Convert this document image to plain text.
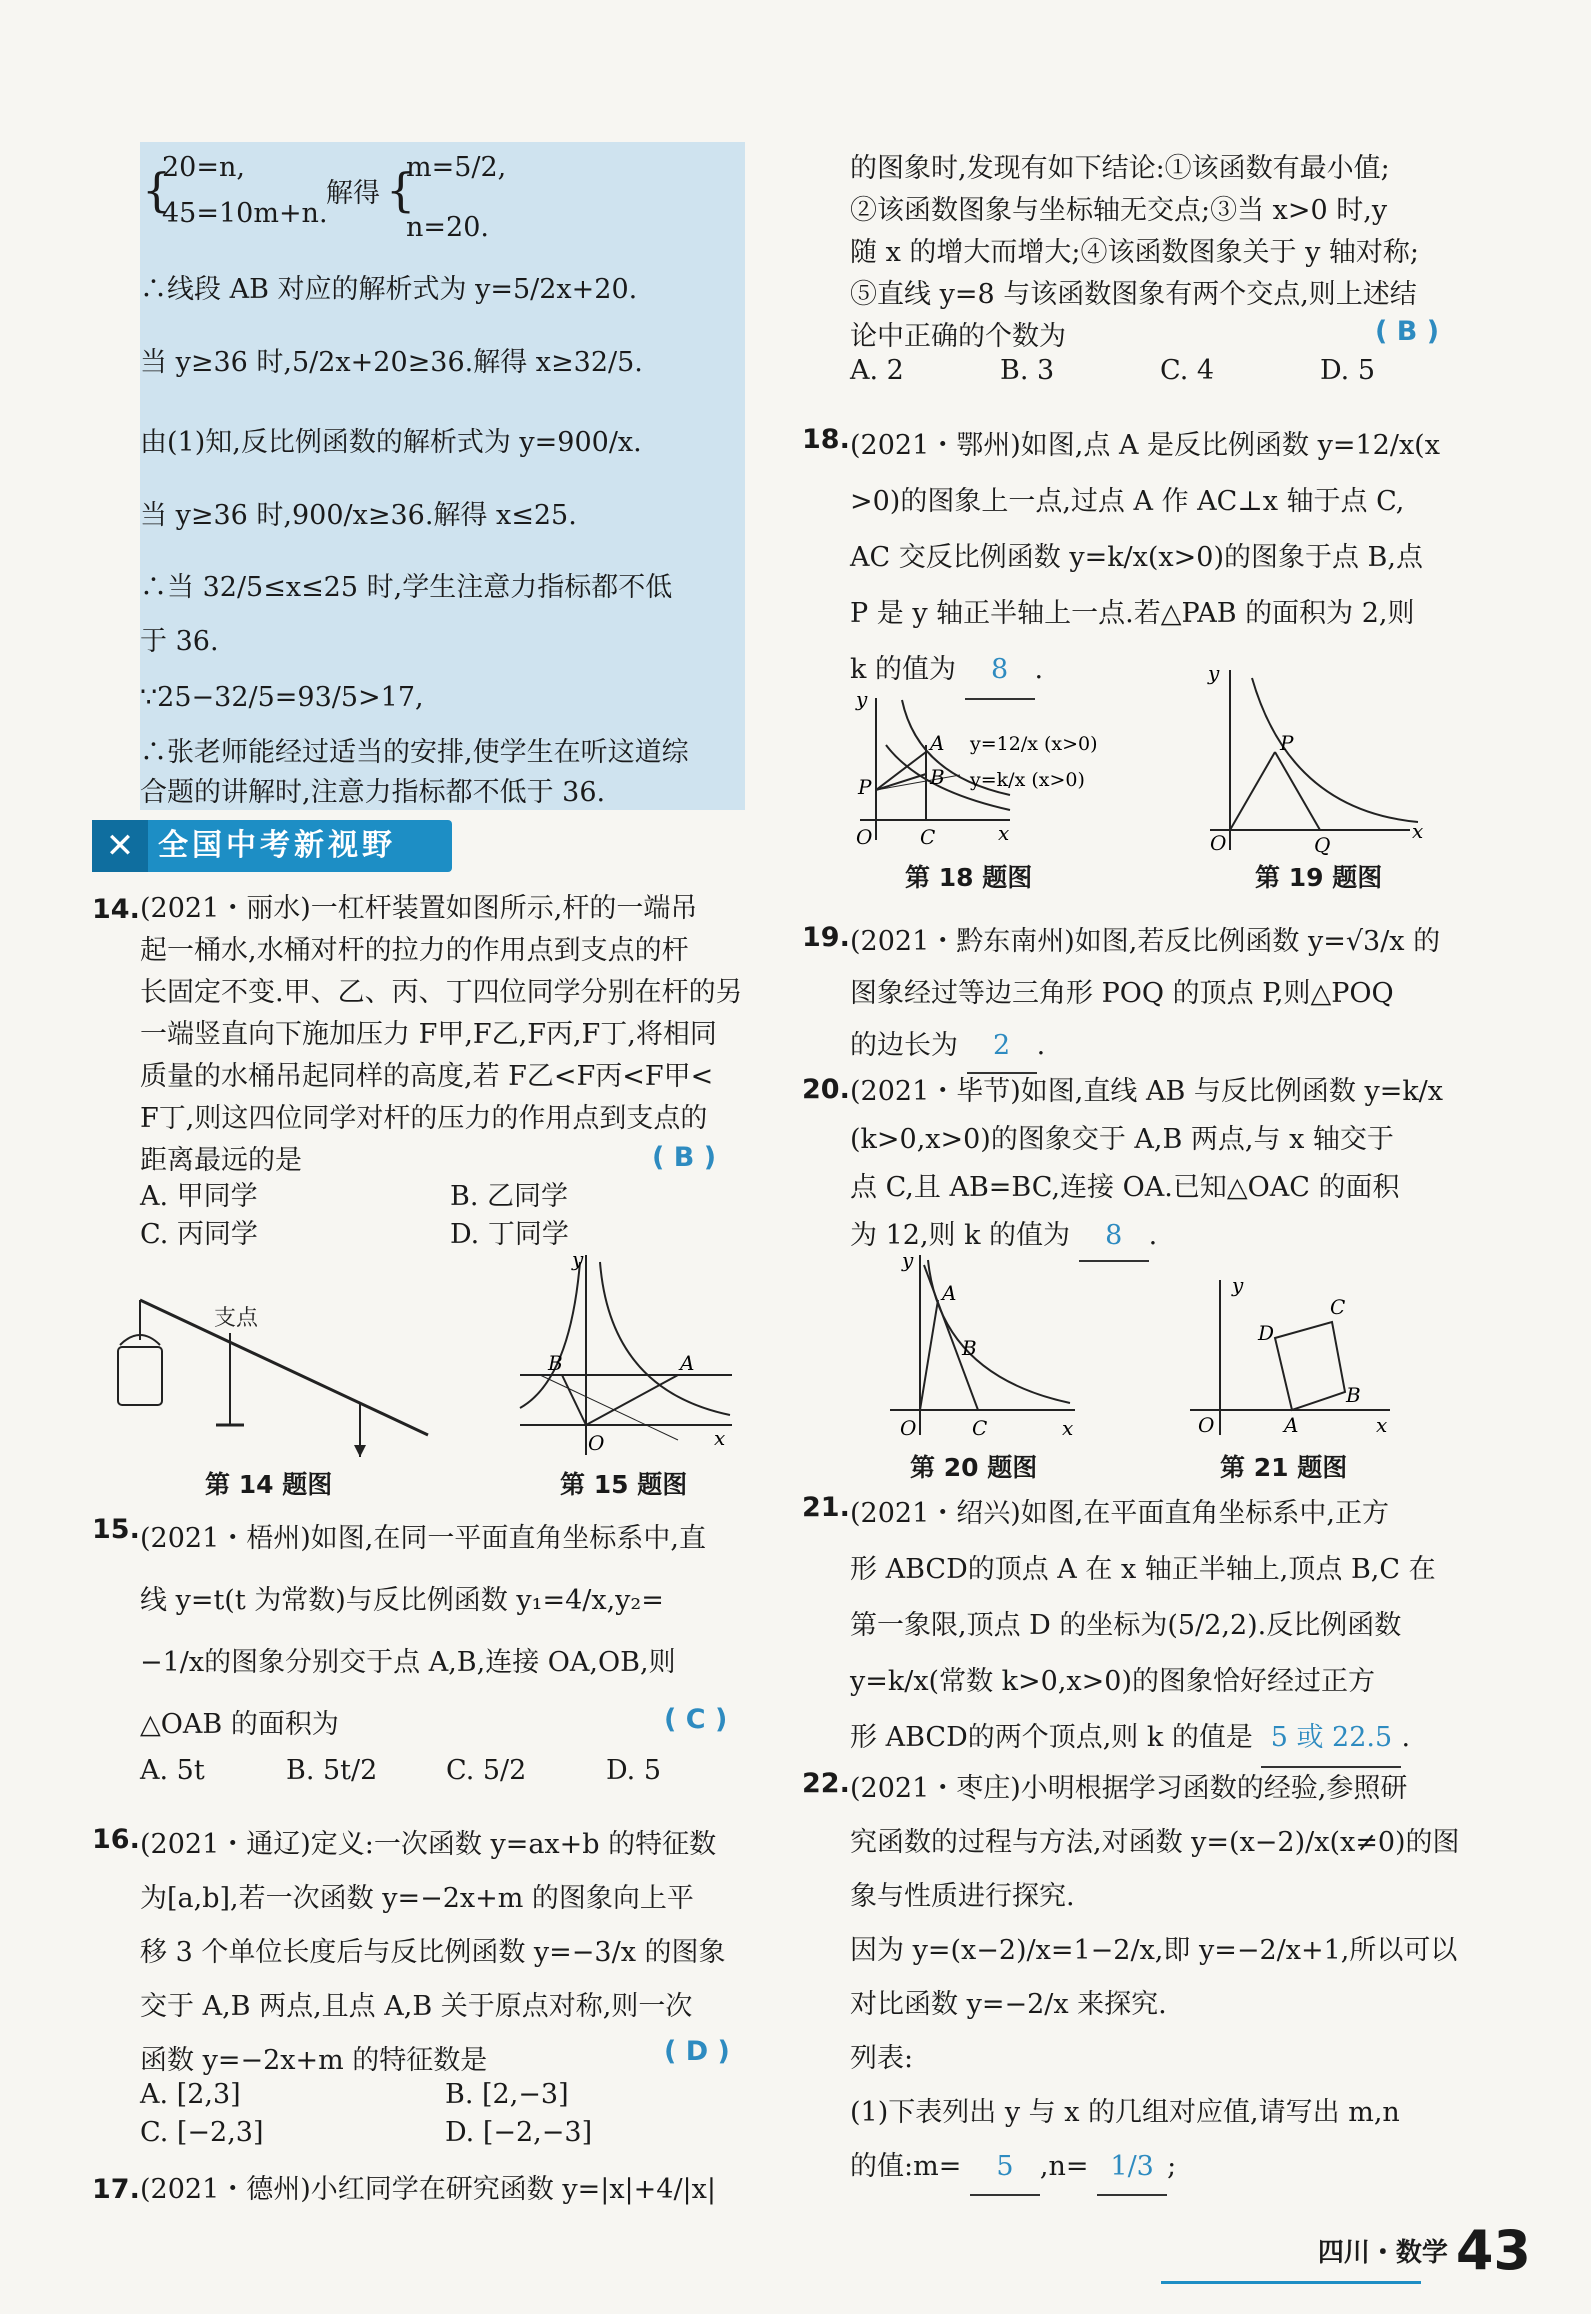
{
20=n,
45=10m+n.
解得 {
m=5/2,
n=20.
∴线段 AB 对应的解析式为 y=5/2x+20.
当 y≥36 时,5/2x+20≥36.解得 x≥32/5.
由(1)知,反比例函数的解析式为 y=900/x.
当 y≥36 时,900/x≥36.解得 x≤25.
∴当 32/5≤x≤25 时,学生注意力指标都不低
于 36.
∵25−32/5=93/5>17,
∴张老师能经过适当的安排,使学生在听这道综
合题的讲解时,注意力指标都不低于 36.
✕ 全国中考新视野
14. (2021・丽水)一杠杆装置如图所示,杆的一端吊
起一桶水,水桶对杆的拉力的作用点到支点的杆
长固定不变.甲、乙、丙、丁四位同学分别在杆的另
一端竖直向下施加压力 F甲,F乙,F丙,F丁,将相同
质量的水桶吊起同样的高度,若 F乙<F丙<F甲<
F丁,则这四位同学对杆的压力的作用点到支点的
距离最远的是	( B )
A. 甲同学	B. 乙同学
C. 丙同学	D. 丁同学
支点
第 14 题图
y
x
O
A
B
第 15 题图
15. (2021・梧州)如图,在同一平面直角坐标系中,直
线 y=t(t 为常数)与反比例函数 y₁=4/x,y₂=
−1/x的图象分别交于点 A,B,连接 OA,OB,则
△OAB 的面积为	( C )
A. 5t	B. 5t/2	C. 5/2	D. 5
16. (2021・通辽)定义:一次函数 y=ax+b 的特征数
为[a,b],若一次函数 y=−2x+m 的图象向上平
移 3 个单位长度后与反比例函数 y=−3/x 的图象
交于 A,B 两点,且点 A,B 关于原点对称,则一次
函数 y=−2x+m 的特征数是	( D )
A. [2,3]	B. [2,−3]
C. [−2,3]	D. [−2,−3]
17. (2021・德州)小红同学在研究函数 y=|x|+4/|x|
的图象时,发现有如下结论:①该函数有最小值;
②该函数图象与坐标轴无交点;③当 x>0 时,y
随 x 的增大而增大;④该函数图象关于 y 轴对称;
⑤直线 y=8 与该函数图象有两个交点,则上述结
论中正确的个数为	( B )
A. 2	B. 3	C. 4	D. 5
18. (2021・鄂州)如图,点 A 是反比例函数 y=12/x(x
>0)的图象上一点,过点 A 作 AC⊥x 轴于点 C,
AC 交反比例函数 y=k/x(x>0)的图象于点 B,点
P 是 y 轴正半轴上一点.若△PAB 的面积为 2,则
k 的值为 8 .
y
x
O C
A
B
P
y=12/x (x>0)
y=k/x (x>0)
第 18 题图
y
x
O
P
Q
第 19 题图
19. (2021・黔东南州)如图,若反比例函数 y=√3/x 的
图象经过等边三角形 POQ 的顶点 P,则△POQ
的边长为 2 .
20. (2021・毕节)如图,直线 AB 与反比例函数 y=k/x
(k>0,x>0)的图象交于 A,B 两点,与 x 轴交于
点 C,且 AB=BC,连接 OA.已知△OAC 的面积
为 12,则 k 的值为 8 .
y
x
O
A
B
C
第 20 题图
y
x
O	A
B
C
D
第 21 题图
21. (2021・绍兴)如图,在平面直角坐标系中,正方
形 ABCD的顶点 A 在 x 轴正半轴上,顶点 B,C 在
第一象限,顶点 D 的坐标为(5/2,2).反比例函数
y=k/x(常数 k>0,x>0)的图象恰好经过正方
形 ABCD的两个顶点,则 k 的值是 5 或 22.5 .
22. (2021・枣庄)小明根据学习函数的经验,参照研
究函数的过程与方法,对函数 y=(x−2)/x(x≠0)的图
象与性质进行探究.
因为 y=(x−2)/x=1−2/x,即 y=−2/x+1,所以可以
对比函数 y=−2/x 来探究.
列表:
(1)下表列出 y 与 x 的几组对应值,请写出 m,n
的值:m= 5 ,n= 1/3 ;
四川・数学 43
